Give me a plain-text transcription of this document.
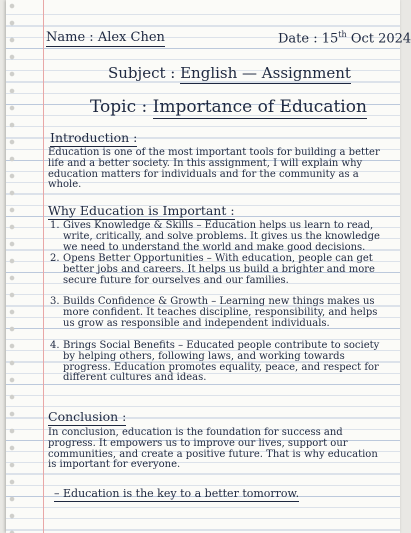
Name : Alex Chen	Date : 15th Oct 2024
Subject : English — Assignment
Topic : Importance of Education
Introduction :
Education is one of the most important tools for building a better life and a better society. In this assignment, I will explain why education matters for individuals and for the community as a whole.
Why Education is Important :
1. Gives Knowledge & Skills – Education helps us learn to read, write, critically, and solve problems. It gives us the knowledge we need to understand the world and make good decisions.
2. Opens Better Opportunities – With education, people can get better jobs and careers. It helps us build a brighter and more secure future for ourselves and our families.
3. Builds Confidence & Growth – Learning new things makes us more confident. It teaches discipline, responsibility, and helps us grow as responsible and independent individuals.
4. Brings Social Benefits – Educated people contribute to society by helping others, following laws, and working towards progress. Education promotes equality, peace, and respect for different cultures and ideas.
Conclusion :
In conclusion, education is the foundation for success and progress. It empowers us to improve our lives, support our communities, and create a positive future. That is why education is important for everyone.
– Education is the key to a better tomorrow.
